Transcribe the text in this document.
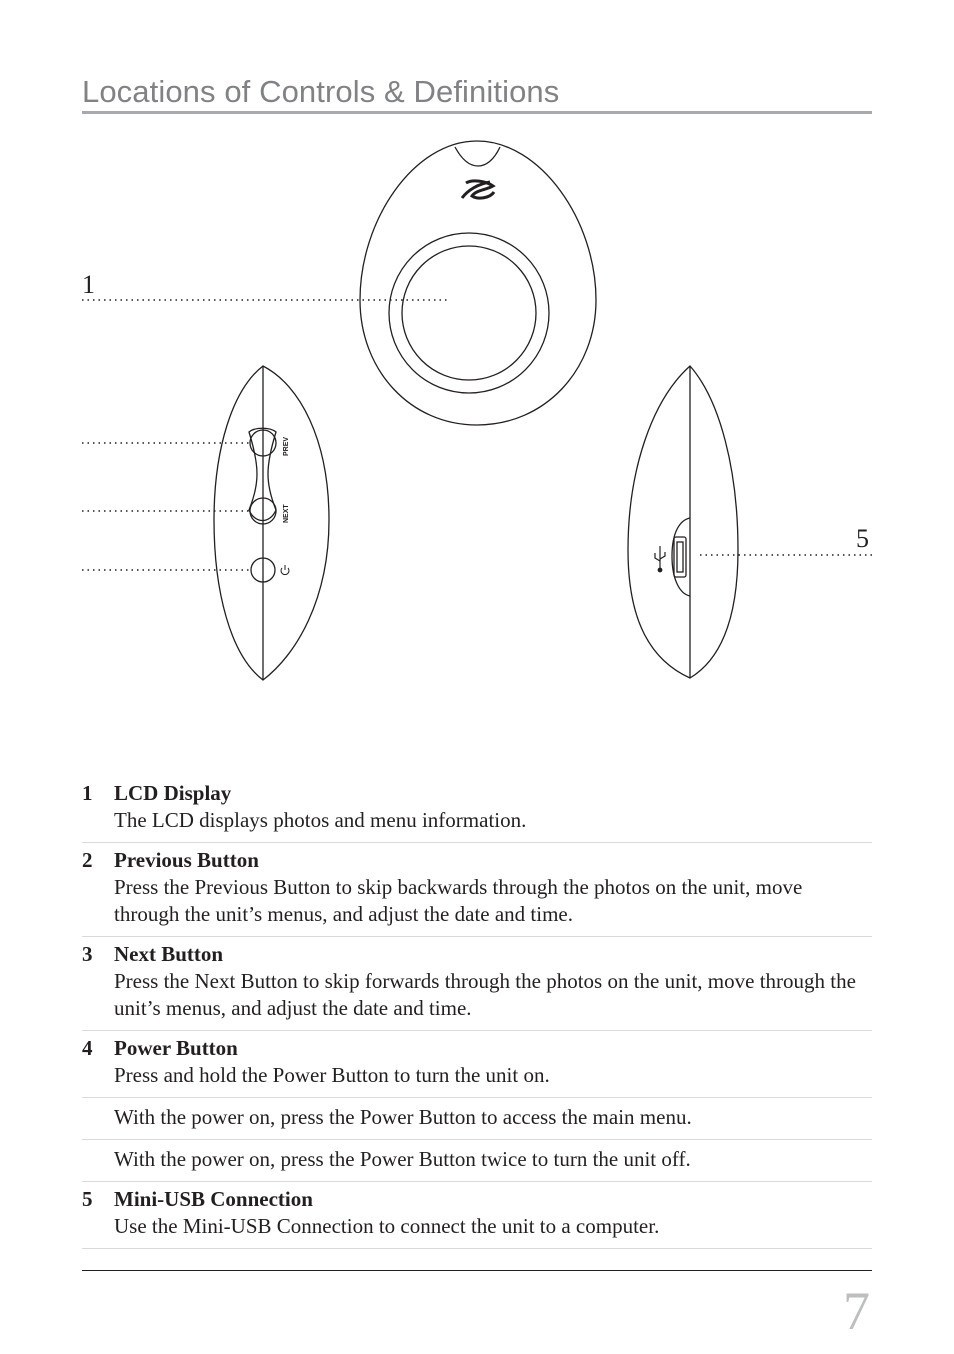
Locations of Controls & Definitions
PREV
NEXT
1
5
1	LCD Display
The LCD displays photos and menu information.
2	Previous Button
Press the Previous Button to skip backwards through the photos on the unit, move through the unit’s menus, and adjust the date and time.
3	Next Button
Press the Next Button to skip forwards through the photos on the unit, move through the unit’s menus, and adjust the date and time.
4	Power Button
Press and hold the Power Button to turn the unit on.
With the power on, press the Power Button to access the main menu.
With the power on, press the Power Button twice to turn the unit off.
5	Mini-USB Connection
Use the Mini-USB Connection to connect the unit to a computer.
7
